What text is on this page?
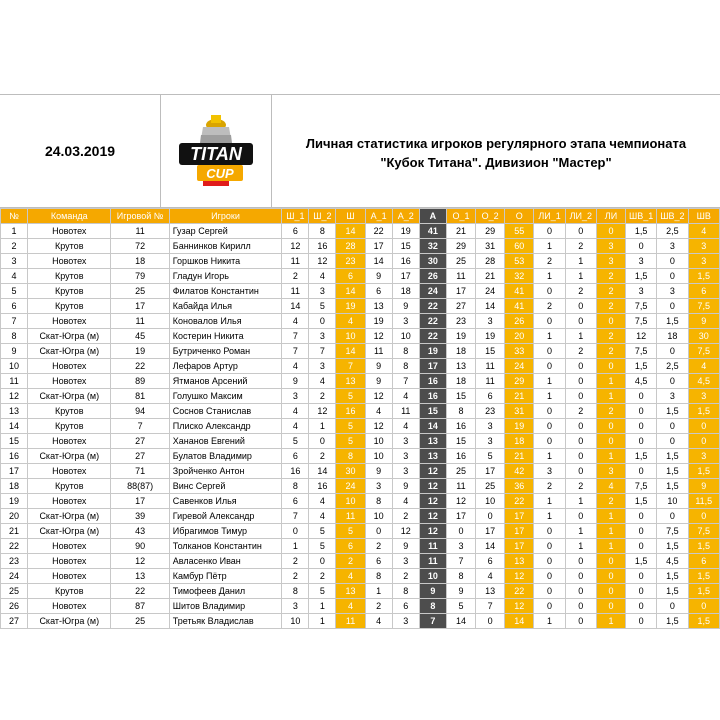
24.03.2019	TITAN
CUP
Личная статистика игроков регулярного этапа чемпионата
"Кубок Титана". Дивизион "Мастер"
№	Команда	Игровой №	Игроки	Ш_1	Ш_2	Ш	А_1	А_2	А	О_1	О_2	О	ЛИ_1	ЛИ_2	ЛИ	ШВ_1	ШВ_2	ШВ
1	Новотех	11	Гузар Сергей	6	8	14	22	19	41	21	29	55	0	0	0	1,5	2,5	4
2	Крутов	72	Баннинков Кирилл	12	16	28	17	15	32	29	31	60	1	2	3	0	3	3
3	Новотех	18	Горшков Никита	11	12	23	14	16	30	25	28	53	2	1	3	3	0	3
4	Крутов	79	Гладун Игорь	2	4	6	9	17	26	11	21	32	1	1	2	1,5	0	1,5
5	Крутов	25	Филатов Константин	11	3	14	6	18	24	17	24	41	0	2	2	3	3	6
6	Крутов	17	Кабайда Илья	14	5	19	13	9	22	27	14	41	2	0	2	7,5	0	7,5
7	Новотех	11	Коновалов Илья	4	0	4	19	3	22	23	3	26	0	0	0	7,5	1,5	9
8	Скат-Югра (м)	45	Костерин Никита	7	3	10	12	10	22	19	19	20	1	1	2	12	18	30
9	Скат-Югра (м)	19	Бутриченко Роман	7	7	14	11	8	19	18	15	33	0	2	2	7,5	0	7,5
10	Новотех	22	Лефаров Артур	4	3	7	9	8	17	13	11	24	0	0	0	1,5	2,5	4
11	Новотех	89	Ятманов Арсений	9	4	13	9	7	16	18	11	29	1	0	1	4,5	0	4,5
12	Скат-Югра (м)	81	Голушко Максим	3	2	5	12	4	16	15	6	21	1	0	1	0	3	3
13	Крутов	94	Соснов Станислав	4	12	16	4	11	15	8	23	31	0	2	2	0	1,5	1,5
14	Крутов	7	Плиско Александр	4	1	5	12	4	14	16	3	19	0	0	0	0	0	0
15	Новотех	27	Хананов Евгений	5	0	5	10	3	13	15	3	18	0	0	0	0	0	0
16	Скат-Югра (м)	27	Булатов Владимир	6	2	8	10	3	13	16	5	21	1	0	1	1,5	1,5	3
17	Новотех	71	Зройченко Антон	16	14	30	9	3	12	25	17	42	3	0	3	0	1,5	1,5
18	Крутов	88(87)	Винс Сергей	8	16	24	3	9	12	11	25	36	2	2	4	7,5	1,5	9
19	Новотех	17	Савенков Илья	6	4	10	8	4	12	12	10	22	1	1	2	1,5	10	11,5
20	Скат-Югра (м)	39	Гиревой Александр	7	4	11	10	2	12	17	0	17	1	0	1	0	0	0
21	Скат-Югра (м)	43	Ибрагимов Тимур	0	5	5	0	12	12	0	17	17	0	1	1	0	7,5	7,5
22	Новотех	90	Толканов Константин	1	5	6	2	9	11	3	14	17	0	1	1	0	1,5	1,5
23	Новотех	12	Авласенко Иван	2	0	2	6	3	11	7	6	13	0	0	0	1,5	4,5	6
24	Новотех	13	Камбур Пётр	2	2	4	8	2	10	8	4	12	0	0	0	0	1,5	1,5
25	Крутов	22	Тимофеев Данил	8	5	13	1	8	9	9	13	22	0	0	0	0	1,5	1,5
26	Новотех	87	Шитов Владимир	3	1	4	2	6	8	5	7	12	0	0	0	0	0	0
27	Скат-Югра (м)	25	Третьяк Владислав	10	1	11	4	3	7	14	0	14	1	0	1	0	1,5	1,5
